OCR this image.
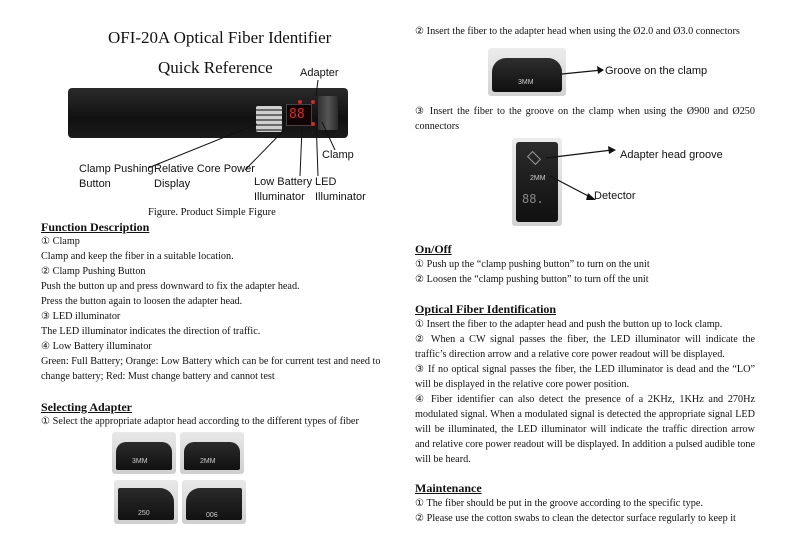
OFI-20A Optical Fiber Identifier
Quick Reference
88
Adapter
Clamp Pushing
Button
Relative Core Power
Display	Low Battery
Illuminator
LED
Illuminator
Clamp
Figure. Product Simple Figure
Function Description
① Clamp
Clamp and keep the fiber in a suitable location.
② Clamp Pushing Button
Push the button up and press downward to fix the adapter head.
Press the button again to loosen the adapter head.
③ LED illuminator
The LED illuminator indicates the direction of traffic.
④ Low Battery illuminator
Green: Full Battery; Orange: Low Battery which can be for current test and need to
change battery; Red: Must change battery and cannot test
Selecting Adapter
① Select the appropriate adaptor head according to the different types of fiber
3MM	2MM
250	900
② Insert the fiber to the adapter head when using the Ø2.0 and Ø3.0 connectors
3MM
Groove on the clamp
③ Insert the fiber to the groove on the clamp when using the Ø900 and Ø250 connectors
2MM
88.
Adapter head groove
Detector
On/Off
① Push up the “clamp pushing button” to turn on the unit
② Loosen the “clamp pushing button” to turn off the unit
Optical Fiber Identification
① Insert the fiber to the adapter head and push the button up to lock clamp.
② When a CW signal passes the fiber, the LED illuminator will indicate the traffic’s direction arrow and a relative core power readout will be displayed.
③ If no optical signal passes the fiber, the LED illuminator is dead and the “LO” will be displayed in the relative core power position.
④ Fiber identifier can also detect the presence of a 2KHz, 1KHz and 270Hz modulated signal. When a modulated signal is detected the appropriate signal LED will be illuminated, the LED illuminator will indicate the traffic direction arrow and relative core power readout will be displayed. In addition a pulsed audible tone will be heard.
Maintenance
① The fiber should be put in the groove according to the specific type.
② Please use the cotton swabs to clean the detector surface regularly to keep it
